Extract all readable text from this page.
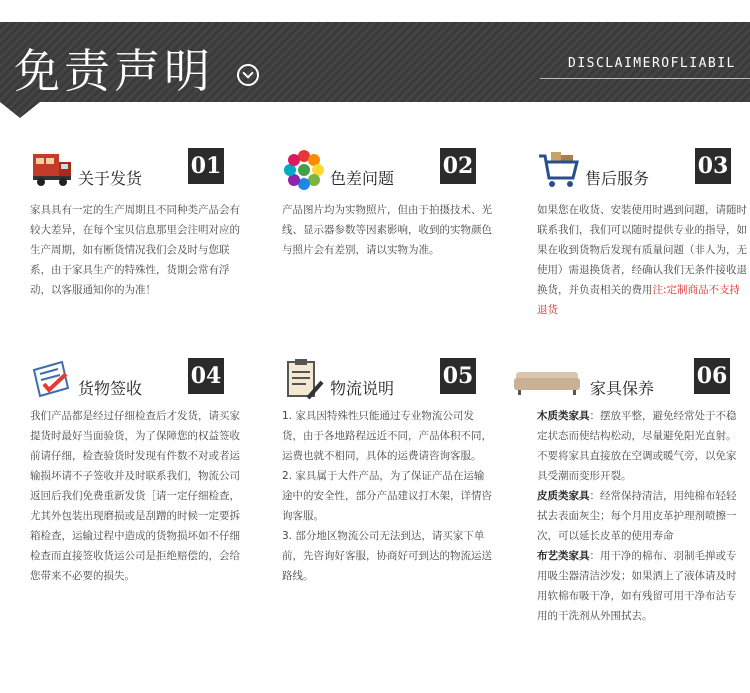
免责声明	DISCLAIMEROFLIABIL
关于发货 01

家具具有一定的生产周期且不同种类产品会有较大差异，在每个宝贝信息那里会注明对应的生产周期，如有断货情况我们会及时与您联系，由于家具生产的特殊性，货期会常有浮动，以客服通知你的为准！

色差问题 02

产品图片均为实物照片，但由于拍摄技术、光线、显示器参数等因素影响，收到的实物颜色与照片会有差别，请以实物为准。

售后服务 03

如果您在收货、安装使用时遇到问题，请随时联系我们，我们可以随时提供专业的指导，如果在收到货物后发现有质量问题（非人为，无使用）需退换货者，经确认我们无条件接收退换货，并负责相关的费用注:定制商品不支持退货

货物签收 04

我们产品都是经过仔细检查后才发货，请买家提货时最好当面验货，为了保障您的权益签收前请仔细，检查验货时发现有件数不对或者运输损坏请不子签收并及时联系我们，物流公司返回后我们免费重新发货［请一定仔细检查，尤其外包装出现磨损或是刮蹭的时候一定要拆箱检查，运输过程中造成的货物损坏如不仔细检查而直接签收货运公司是拒绝赔偿的，会给您带来不必要的损失。

物流说明 05

1. 家具因特殊性只能通过专业物流公司发货，由于各地路程远近不同，产品体积不同，运费也就不相同，具体的运费请咨询客服。

2. 家具属于大件产品，为了保证产品在运输途中的安全性，部分产品建议打木架，详情咨询客服。

3. 部分地区物流公司无法到达，请买家下单前，先咨询好客服，协商好可到达的物流运送路线。

家具保养 06

木质类家具：摆放平整，避免经常处于不稳定状态而使结构松动，尽量避免阳光直射。不要将家具直接放在空调或暖气旁，以免家具受潮而变形开裂。

皮质类家具：经常保持清洁，用纯棉布轻轻拭去表面灰尘；每个月用皮革护理剂喷擦一次，可以延长皮革的使用寿命

布艺类家具：用干净的棉布、羽制毛掸或专用吸尘器清洁沙发；如果洒上了液体请及时用软棉布吸干净，如有残留可用干净布沾专用的干洗剂从外围拭去。
